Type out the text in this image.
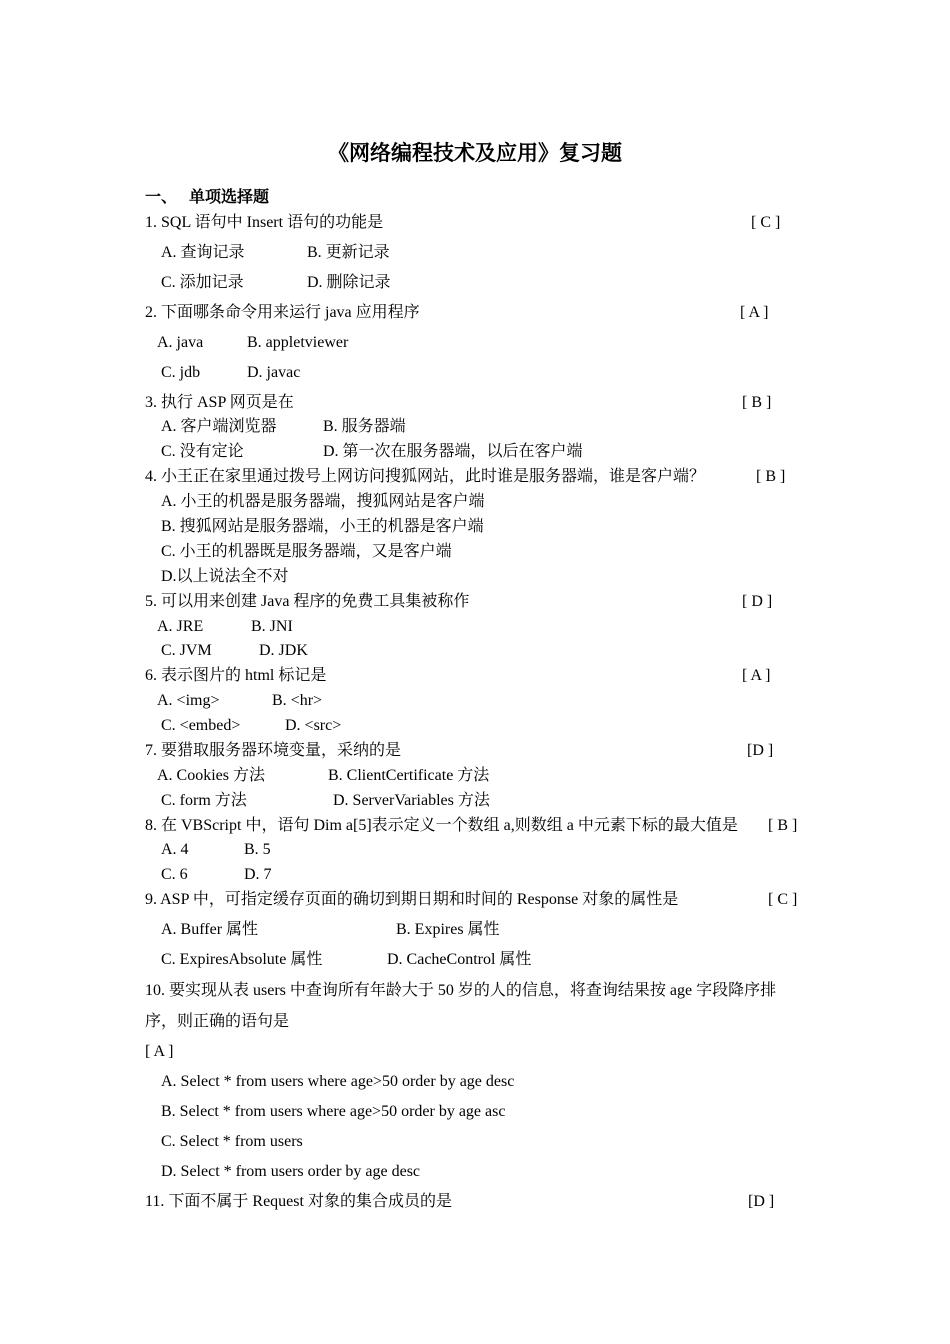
《网络编程技术及应用》复习题
一、 单项选择题
1. SQL 语句中 Insert 语句的功能是	[ C ]
A. 查询记录	B. 更新记录
C. 添加记录	D. 删除记录
2. 下面哪条命令用来运行 java 应用程序	[ A ]
A. java	B. appletviewer
C. jdb	D. javac
3. 执行 ASP 网页是在	[ B ]
A. 客户端浏览器	B. 服务器端
C. 没有定论	D. 第一次在服务器端，以后在客户端
4. 小王正在家里通过拨号上网访问搜狐网站，此时谁是服务器端，谁是客户端？	[ B ]
A. 小王的机器是服务器端，搜狐网站是客户端
B. 搜狐网站是服务器端，小王的机器是客户端
C. 小王的机器既是服务器端，又是客户端
D.以上说法全不对
5. 可以用来创建 Java 程序的免费工具集被称作	[ D ]
A. JRE	B. JNI
C. JVM	D. JDK
6. 表示图片的 html 标记是	[ A ]
A. <img>	B. <hr>
C. <embed>	D. <src>
7. 要猎取服务器环境变量，采纳的是	[D ]
A. Cookies 方法	B. ClientCertificate 方法
C. form 方法	D. ServerVariables 方法
8. 在 VBScript 中，语句 Dim a[5]表示定义一个数组 a,则数组 a 中元素下标的最大值是 [ B ]
A. 4	B. 5
C. 6	D. 7
9. ASP 中，可指定缓存页面的确切到期日期和时间的 Response 对象的属性是	[ C ]
A. Buffer 属性	B. Expires 属性
C. ExpiresAbsolute 属性	D. CacheControl 属性
10. 要实现从表 users 中查询所有年龄大于 50 岁的人的信息，将查询结果按 age 字段降序排
序，则正确的语句是
[ A ]
A. Select * from users where age>50 order by age desc
B. Select * from users where age>50 order by age asc
C. Select * from users
D. Select * from users order by age desc
11. 下面不属于 Request 对象的集合成员的是	[D ]
